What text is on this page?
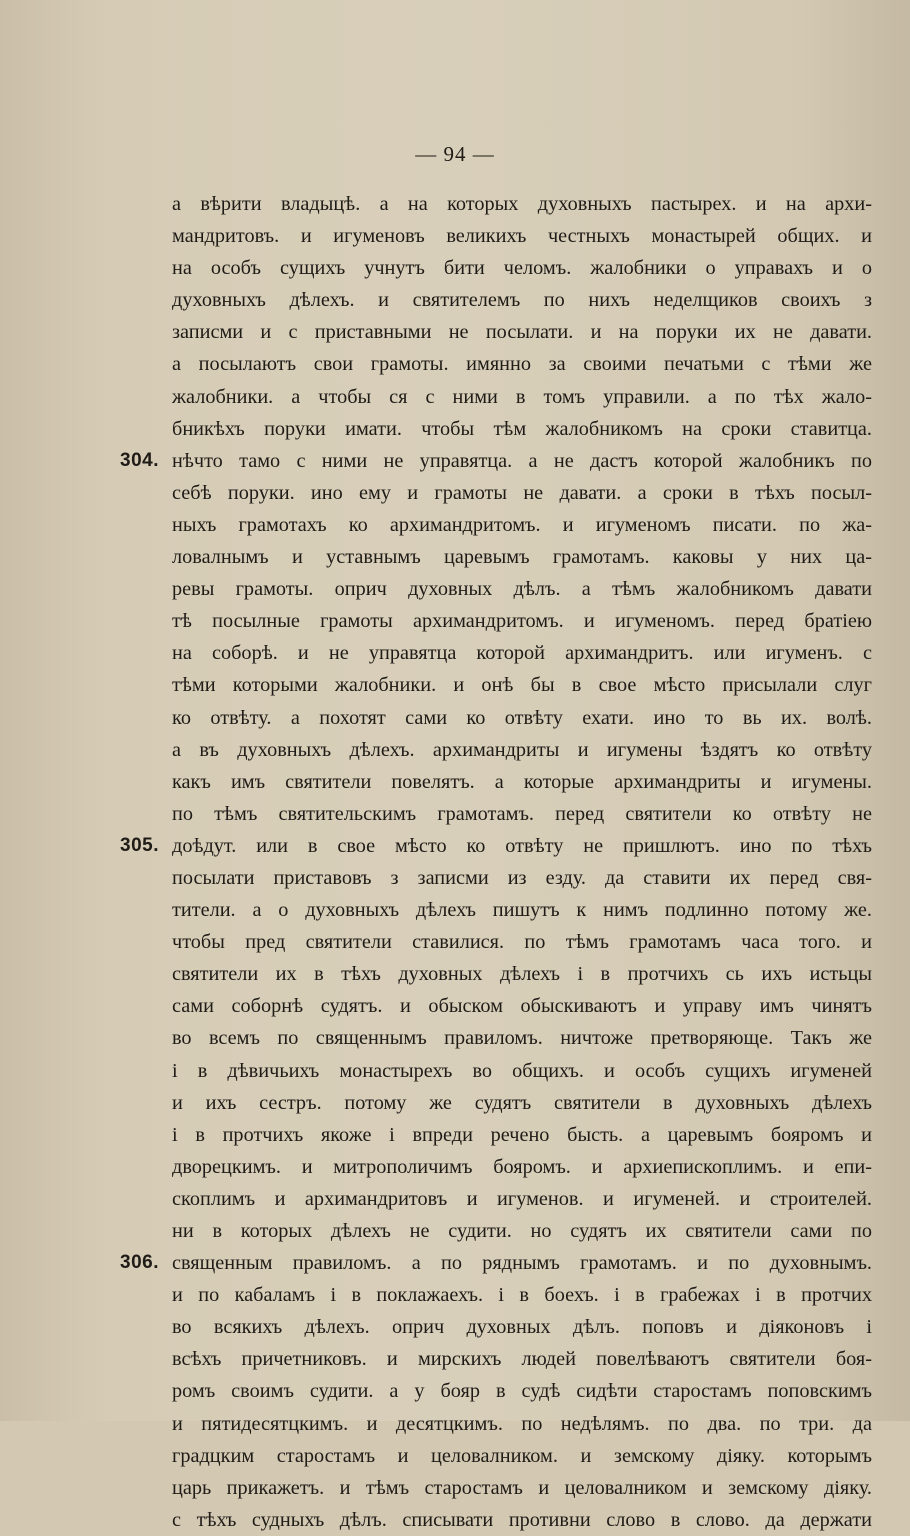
— 94 —
а вѣрити владыцѣ. а на которых духовныхъ пастырех. и на архи-
мандритовъ. и игуменовъ великихъ честныхъ монастырей общих. и
на особъ сущихъ учнутъ бити челомъ. жалобники о управахъ и о
духовныхъ дѣлехъ. и святителемъ по нихъ неделщиков своихъ з
записми и с приставными не посылати. и на поруки их не давати.
а посылаютъ свои грамоты. имянно за своими печатьми с тѣми же
жалобники. а чтобы ся с ними в томъ управили. а по тѣх жало-
бникѣхъ поруки имати. чтобы тѣм жалобникомъ на сроки ставитца.
нѣчто тамо с ними не управятца. а не дастъ которой жалобникъ по
304.
себѣ поруки. ино ему и грамоты не давати. а сроки в тѣхъ посыл-
ныхъ грамотахъ ко архимандритомъ. и игуменомъ писати. по жа-
ловалнымъ и уставнымъ царевымъ грамотамъ. каковы у них ца-
ревы грамоты. оприч духовных дѣлъ. а тѣмъ жалобникомъ давати
тѣ посылные грамоты архимандритомъ. и игуменомъ. перед братiею
на соборѣ. и не управятца которой архимандритъ. или игуменъ. с
тѣми которыми жалобники. и онѣ бы в свое мѣсто присылали слуг
ко отвѣту. а похотят сами ко отвѣту ехати. ино то вь их. волѣ.
а въ духовныхъ дѣлехъ. архимандриты и игумены ѣздятъ ко отвѣту
какъ имъ святители повелятъ. а которые архимандриты и игумены.
по тѣмъ святительскимъ грамотамъ. перед святители ко отвѣту не
доѣдут. или в свое мѣсто ко отвѣту не пришлютъ. ино по тѣхъ
305.
посылати приставовъ з записми из езду. да ставити их перед свя-
тители. а о духовныхъ дѣлехъ пишутъ к нимъ подлинно потому же.
чтобы пред святители ставилися. по тѣмъ грамотамъ часа того. и
святители их в тѣхъ духовных дѣлехъ і в протчихъ сь ихъ истьцы
сами соборнѣ судятъ. и обыском обыскиваютъ и управу имъ чинятъ
во всемъ по священнымъ правиломъ. ничтоже претворяюще. Такъ же
і в дѣвичьихъ монастырехъ во общихъ. и особъ сущихъ игуменей
и ихъ сестръ. потому же судятъ святители в духовныхъ дѣлехъ
і в протчихъ якоже і впреди речено бысть. а царевымъ бояромъ и
дворецкимъ. и митрополичимъ бояромъ. и архиепископлимъ. и епи-
скоплимъ и архимандритовъ и игуменов. и игуменей. и строителей.
ни в которых дѣлехъ не судити. но судятъ их святители сами по
священным правиломъ. а по ряднымъ грамотамъ. и по духовнымъ.
306.
и по кабаламъ і в поклажаехъ. і в боехъ. і в грабежах і в протчих
во всякихъ дѣлехъ. оприч духовных дѣлъ. поповъ и дiяконовъ і
всѣхъ причетниковъ. и мирскихъ людей повелѣваютъ святители боя-
ромъ своимъ судити. а у бояр в судѣ сидѣти старостамъ поповскимъ
и пятидесятцкимъ. и десятцкимъ. по недѣлямъ. по два. по три. да
градцким старостамъ и целовалником. и земскому дiяку. которымъ
царь прикажетъ. и тѣмъ старостамъ и целовалником и земскому дiяку.
с тѣхъ судныхъ дѣлъ. списывати противни слово в слово. да держати
